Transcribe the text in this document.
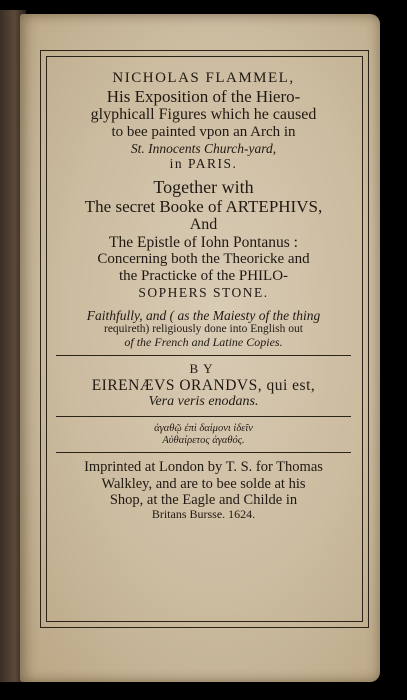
NICHOLAS FLAMMEL,
His Exposition of the Hiero-
glyphicall Figures which he caused
to bee painted vpon an Arch in
St. Innocents Church-yard,
in PARIS.
Together with
The secret Booke of ARTEPHIVS,
And
The Epistle of Iohn Pontanus :
Concerning both the Theoricke and
the Practicke of the PHILO-
SOPHERS STONE.
Faithfully, and ( as the Maiesty of the thing
requireth) religiously done into English out
of the French and Latine Copies.
BY
EIRENÆVS ORANDVS, qui est,
Vera veris enodans.
ἀγαθῷ ἐπὶ δαίμονι ἰδεῖν
Αὐθαίρετος ἀγαθός.
Imprinted at London by T. S. for Thomas
Walkley, and are to bee solde at his
Shop, at the Eagle and Childe in
Britans Bursse. 1624.
